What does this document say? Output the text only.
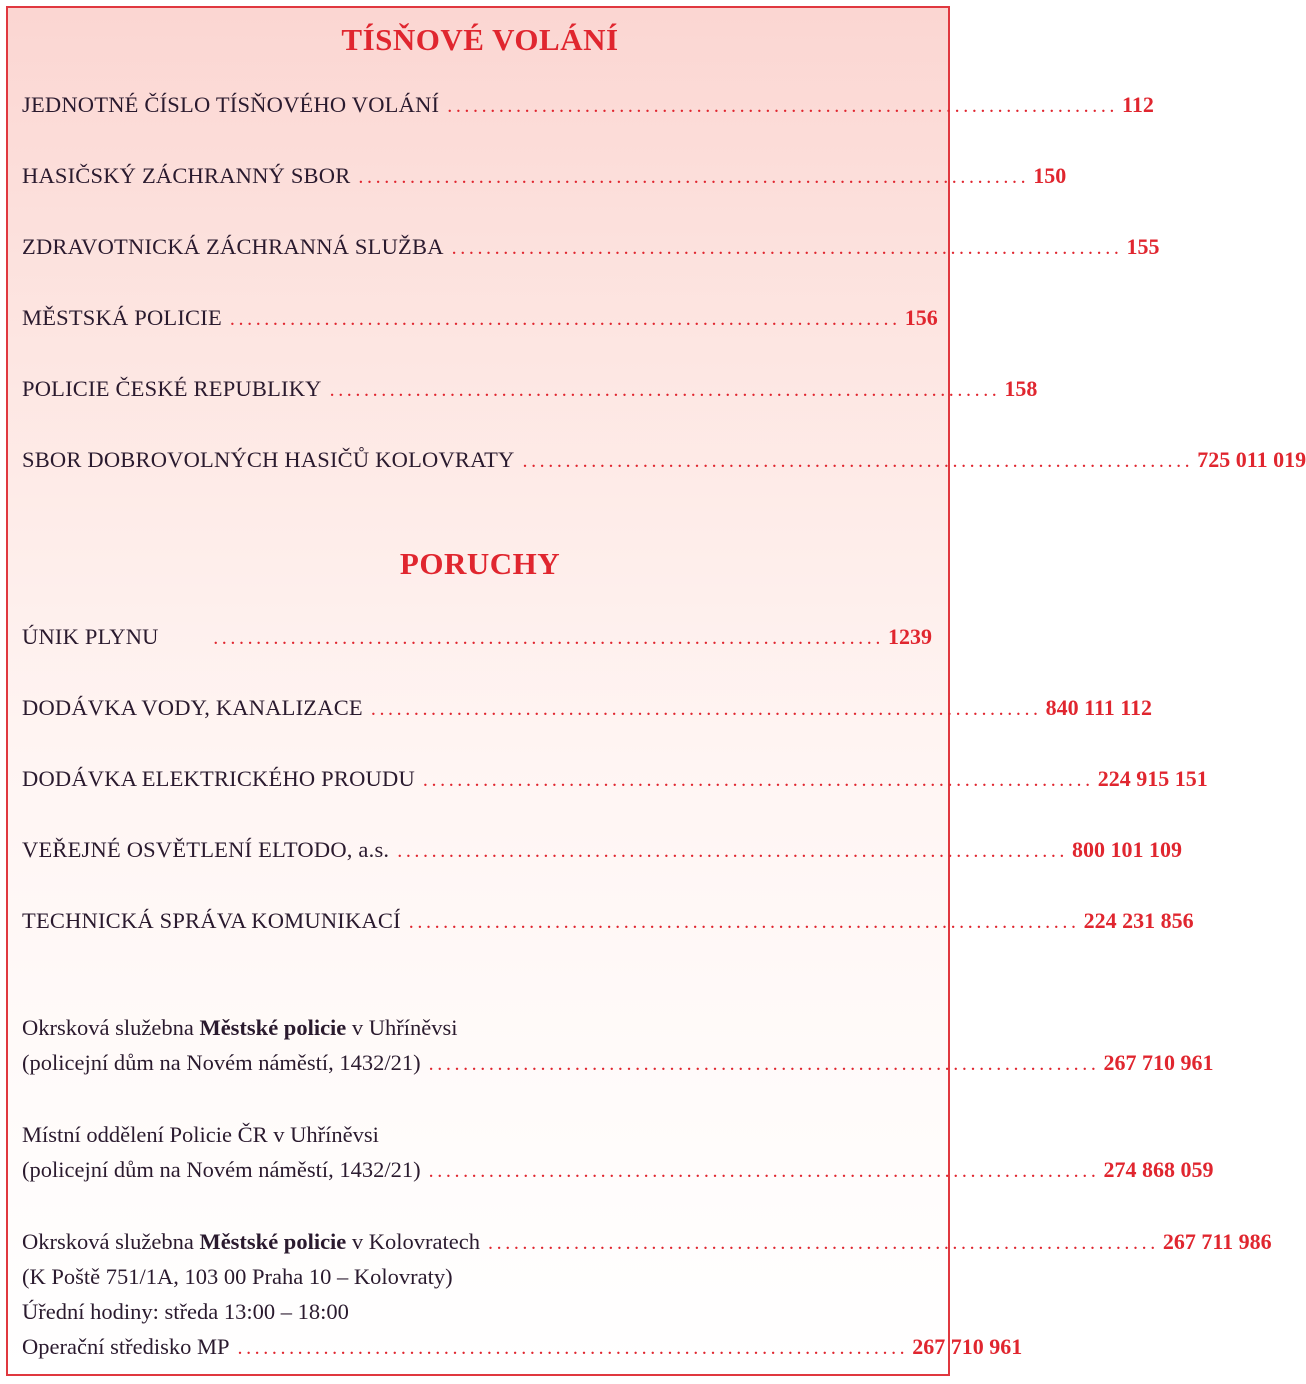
TÍSŇOVÉ VOLÁNÍ
JEDNOTNÉ ČÍSLO TÍSŇOVÉHO VOLÁNÍ .............................................................................. 112
HASIČSKÝ ZÁCHRANNÝ SBOR .............................................................................. 150
ZDRAVOTNICKÁ ZÁCHRANNÁ SLUŽBA .............................................................................. 155
MĚSTSKÁ POLICIE .............................................................................. 156
POLICIE ČESKÉ REPUBLIKY .............................................................................. 158
SBOR DOBROVOLNÝCH HASIČŮ KOLOVRATY .............................................................................. 725 011 019
PORUCHY
ÚNIK PLYNU	.............................................................................. 1239
DODÁVKA VODY, KANALIZACE .............................................................................. 840 111 112
DODÁVKA ELEKTRICKÉHO PROUDU .............................................................................. 224 915 151
VEŘEJNÉ OSVĚTLENÍ ELTODO, a.s. .............................................................................. 800 101 109
TECHNICKÁ SPRÁVA KOMUNIKACÍ .............................................................................. 224 231 856
Okrsková služebna Městské policie v Uhříněvsi
(policejní dům na Novém náměstí, 1432/21) .............................................................................. 267 710 961
Místní oddělení Policie ČR v Uhříněvsi
(policejní dům na Novém náměstí, 1432/21) .............................................................................. 274 868 059
Okrsková služebna Městské policie v Kolovratech .............................................................................. 267 711 986
(K Poště 751/1A, 103 00 Praha 10 – Kolovraty)
Úřední hodiny: středa 13:00 – 18:00
Operační středisko MP .............................................................................. 267 710 961
